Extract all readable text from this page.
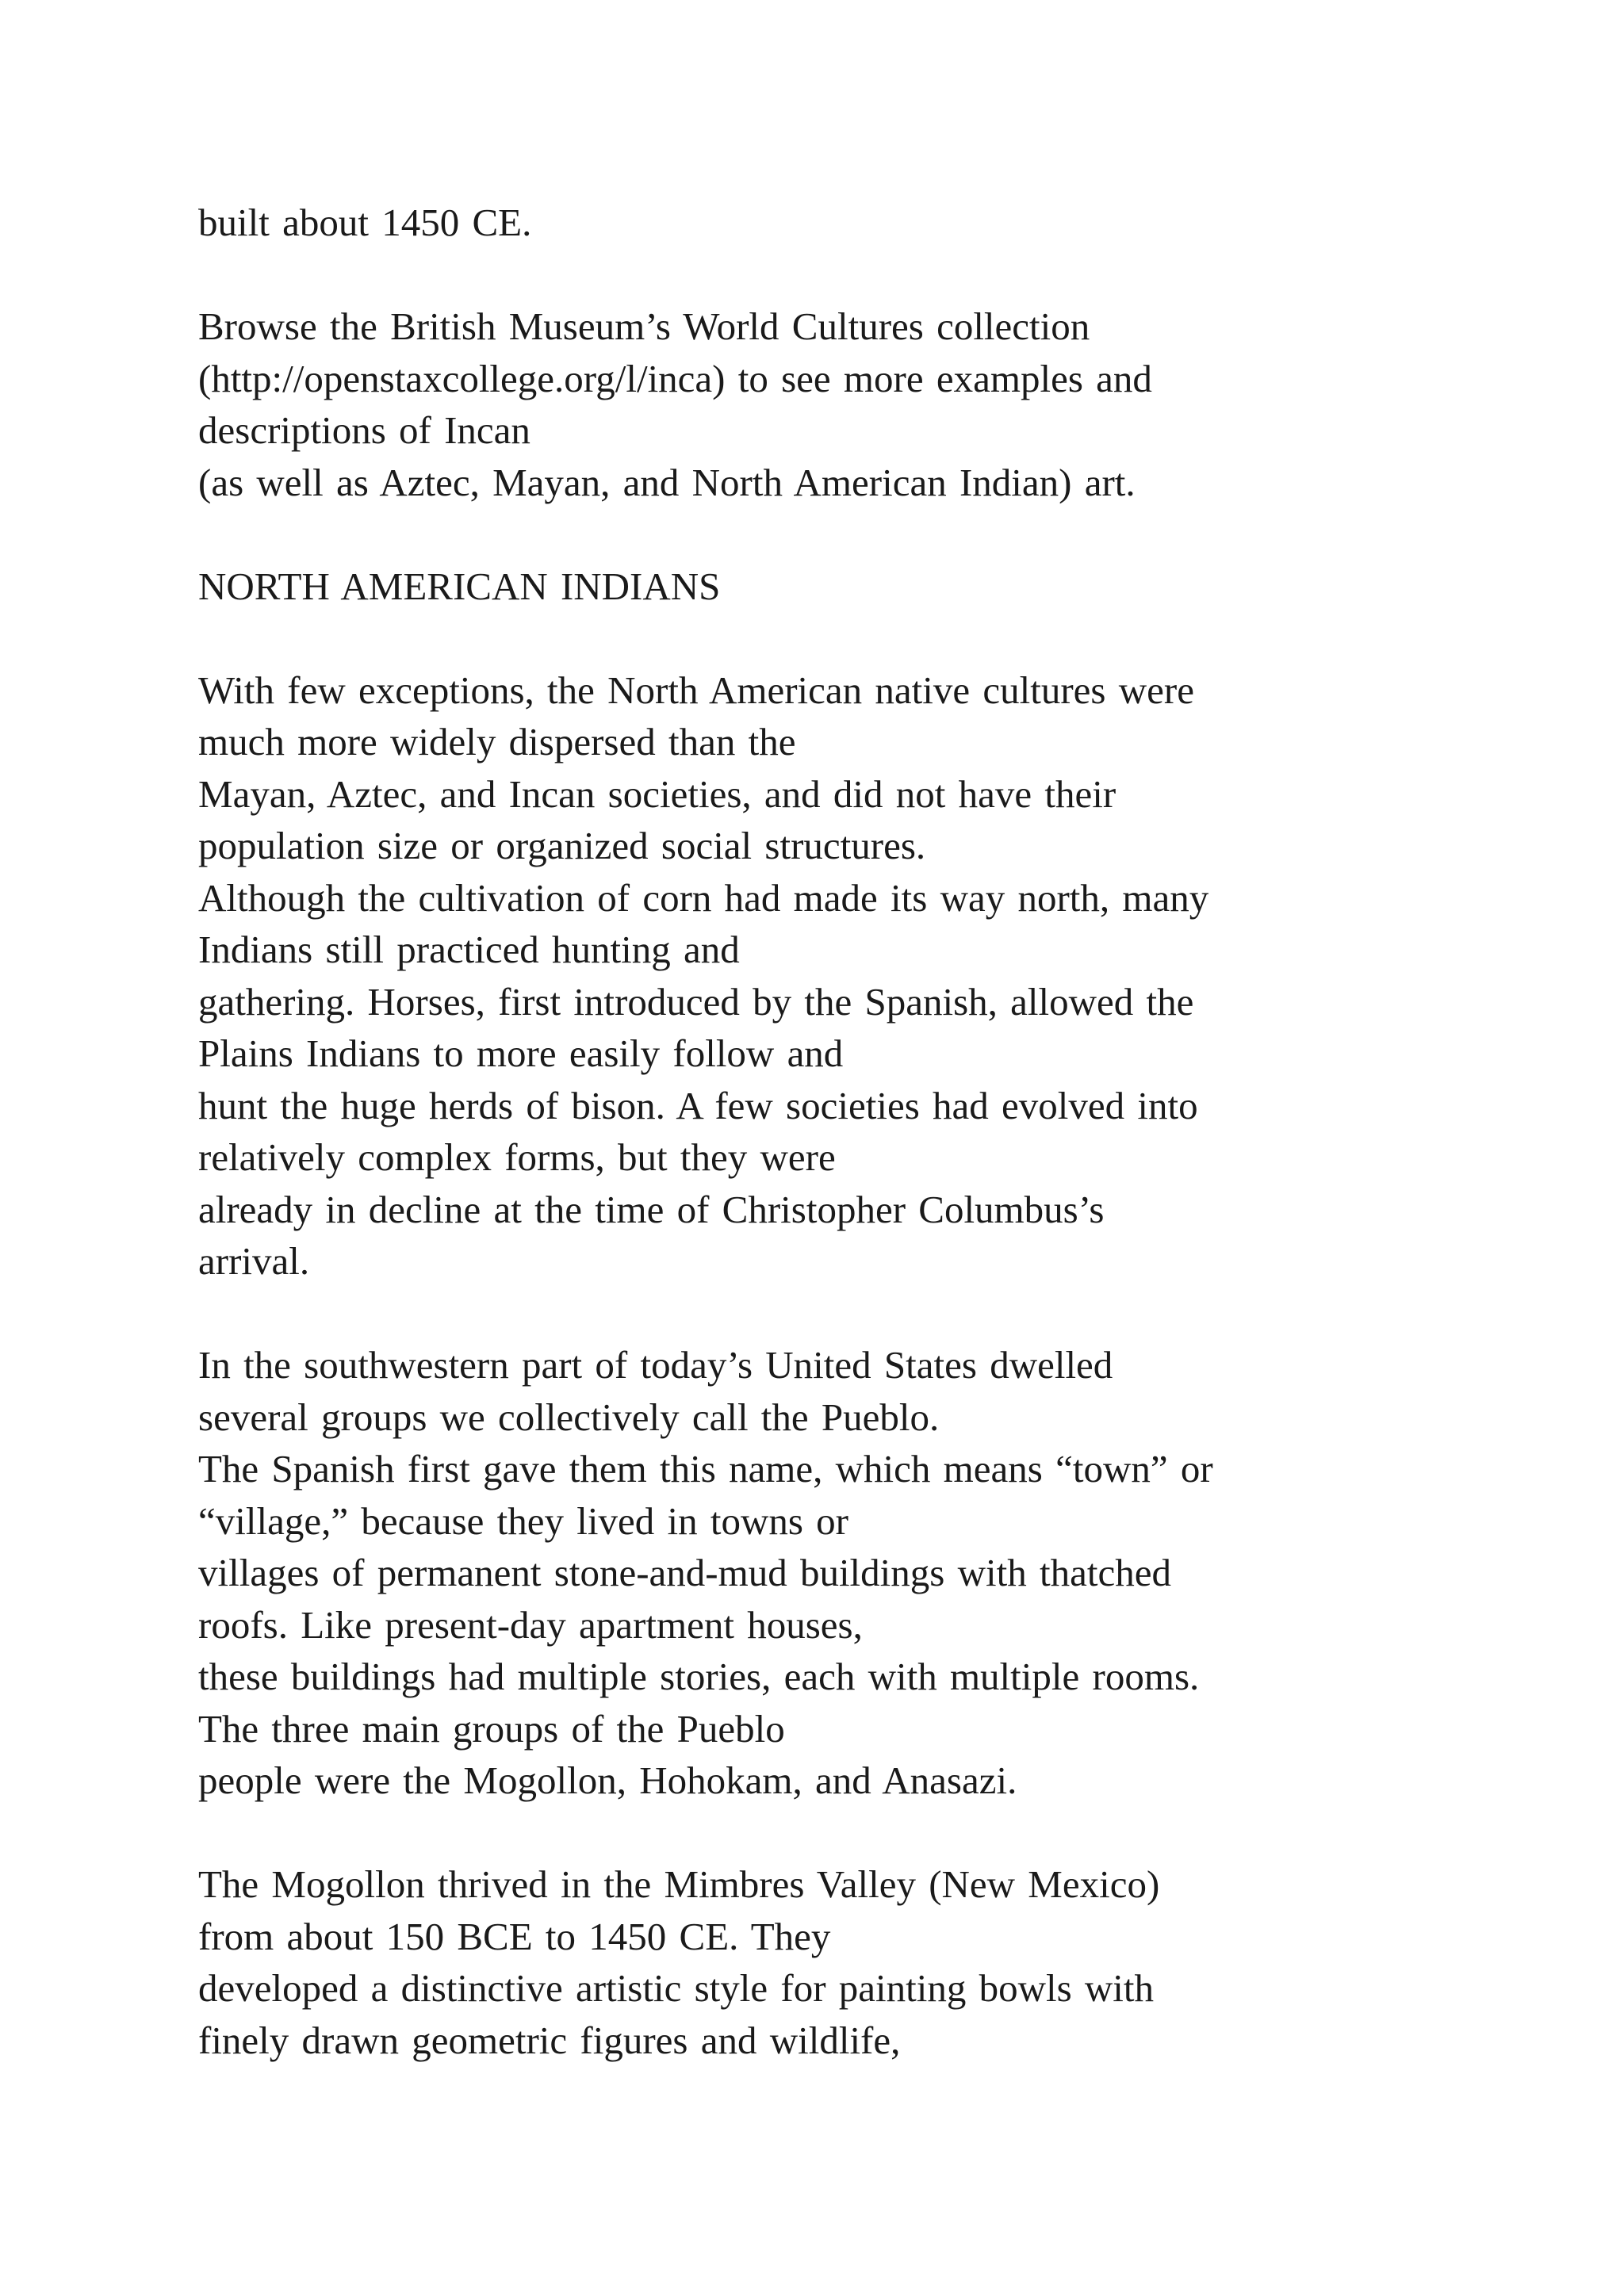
built about 1450 CE.
Browse the British Museum’s World Cultures collection
(http://openstaxcollege.org/l/inca) to see more examples and
descriptions of Incan
(as well as Aztec, Mayan, and North American Indian) art.
NORTH AMERICAN INDIANS
With few exceptions, the North American native cultures were
much more widely dispersed than the
Mayan, Aztec, and Incan societies, and did not have their
population size or organized social structures.
Although the cultivation of corn had made its way north, many
Indians still practiced hunting and
gathering. Horses, first introduced by the Spanish, allowed the
Plains Indians to more easily follow and
hunt the huge herds of bison. A few societies had evolved into
relatively complex forms, but they were
already in decline at the time of Christopher Columbus’s
arrival.
In the southwestern part of today’s United States dwelled
several groups we collectively call the Pueblo.
The Spanish first gave them this name, which means “town” or
“village,” because they lived in towns or
villages of permanent stone-and-mud buildings with thatched
roofs. Like present-day apartment houses,
these buildings had multiple stories, each with multiple rooms.
The three main groups of the Pueblo
people were the Mogollon, Hohokam, and Anasazi.
The Mogollon thrived in the Mimbres Valley (New Mexico)
from about 150 BCE to 1450 CE. They
developed a distinctive artistic style for painting bowls with
finely drawn geometric figures and wildlife,
